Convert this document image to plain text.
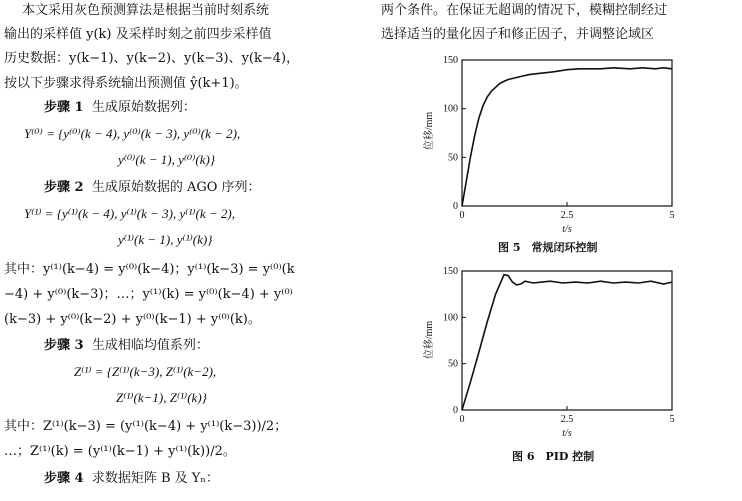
本文采用灰色预测算法是根据当前时刻系统
输出的采样值 y(k) 及采样时刻之前四步采样值
历史数据：y(k−1)、y(k−2)、y(k−3)、y(k−4)，
按以下步骤求得系统输出预测值 ŷ(k+1)。
步骤 1 生成原始数据列：
Y⁽⁰⁾ = {y⁽⁰⁾(k − 4), y⁽⁰⁾(k − 3), y⁽⁰⁾(k − 2),
y⁽⁰⁾(k − 1), y⁽⁰⁾(k)}
步骤 2 生成原始数据的 AGO 序列：
Y⁽¹⁾ = {y⁽¹⁾(k − 4), y⁽¹⁾(k − 3), y⁽¹⁾(k − 2),
y⁽¹⁾(k − 1), y⁽¹⁾(k)}
其中：y⁽¹⁾(k−4) = y⁽⁰⁾(k−4)；y⁽¹⁾(k−3) = y⁽⁰⁾(k
−4) + y⁽⁰⁾(k−3)；…；y⁽¹⁾(k) = y⁽⁰⁾(k−4) + y⁽⁰⁾
(k−3) + y⁽⁰⁾(k−2) + y⁽⁰⁾(k−1) + y⁽⁰⁾(k)。
步骤 3 生成相临均值系列：
Z⁽¹⁾ = {Z⁽¹⁾(k−3), Z⁽¹⁾(k−2),
Z⁽¹⁾(k−1), Z⁽¹⁾(k)}
其中：Z⁽¹⁾(k−3) = (y⁽¹⁾(k−4) + y⁽¹⁾(k−3))/2；
…；Z⁽¹⁾(k) = (y⁽¹⁾(k−1) + y⁽¹⁾(k))/2。
步骤 4 求数据矩阵 B 及 Yₙ：
两个条件。在保证无超调的情况下，模糊控制经过
选择适当的量化因子和修正因子，并调整论域区
0
50
100
150
0	2.5	5
t/s
位移/mm
图 5　常规闭环控制
0
50
100
150
0	2.5	5
t/s
位移/mm
图 6　PID 控制
